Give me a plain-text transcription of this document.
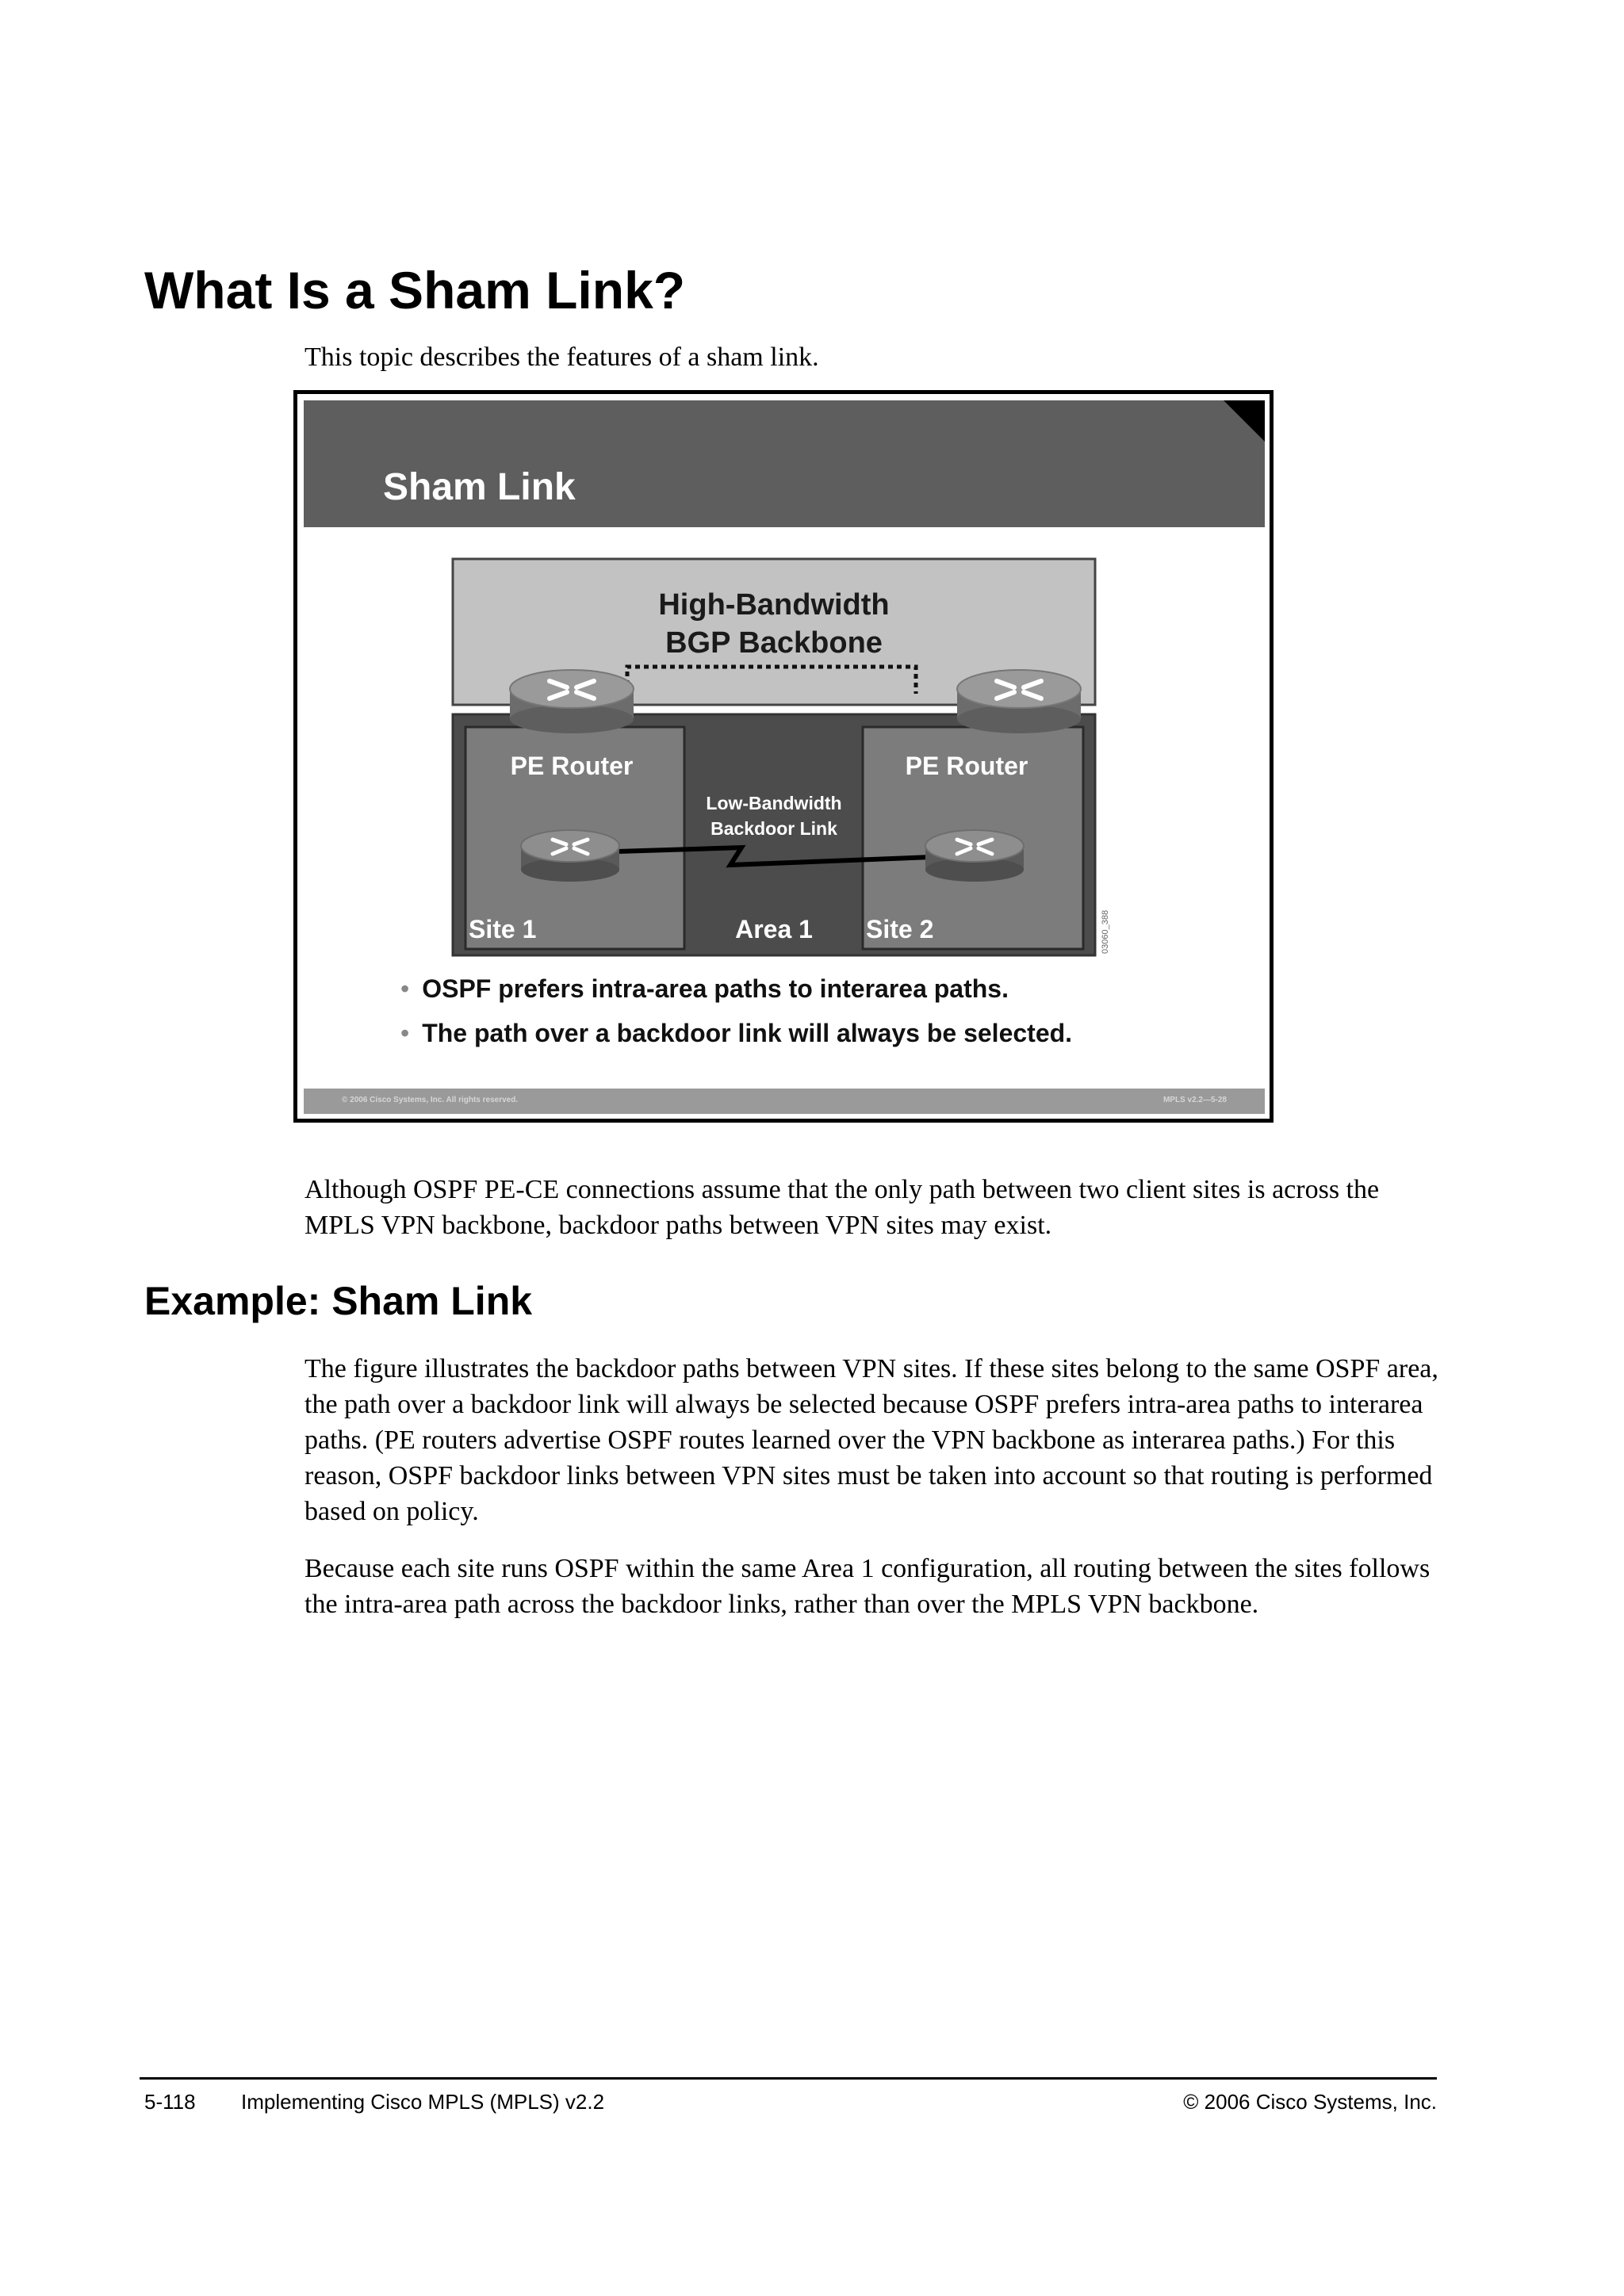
What Is a Sham Link?

This topic describes the features of a sham link.

Sham Link
High-Bandwidth
BGP Backbone
PE Router	PE Router
Low-Bandwidth
Backdoor Link
Site 1	Area 1 Site 2	03060_388
• OSPF prefers intra-area paths to interarea paths.
• The path over a backdoor link will always be selected.
© 2006 Cisco Systems, Inc. All rights reserved.	MPLS v2.2—5-28

Although OSPF PE-CE connections assume that the only path between two client sites is across the MPLS VPN backbone, backdoor paths between VPN sites may exist.

Example: Sham Link

The figure illustrates the backdoor paths between VPN sites. If these sites belong to the same OSPF area, the path over a backdoor link will always be selected because OSPF prefers intra-area paths to interarea paths. (PE routers advertise OSPF routes learned over the VPN backbone as interarea paths.) For this reason, OSPF backdoor links between VPN sites must be taken into account so that routing is performed based on policy.

Because each site runs OSPF within the same Area 1 configuration, all routing between the sites follows the intra-area path across the backdoor links, rather than over the MPLS VPN backbone.

5-118 Implementing Cisco MPLS (MPLS) v2.2	© 2006 Cisco Systems, Inc.
